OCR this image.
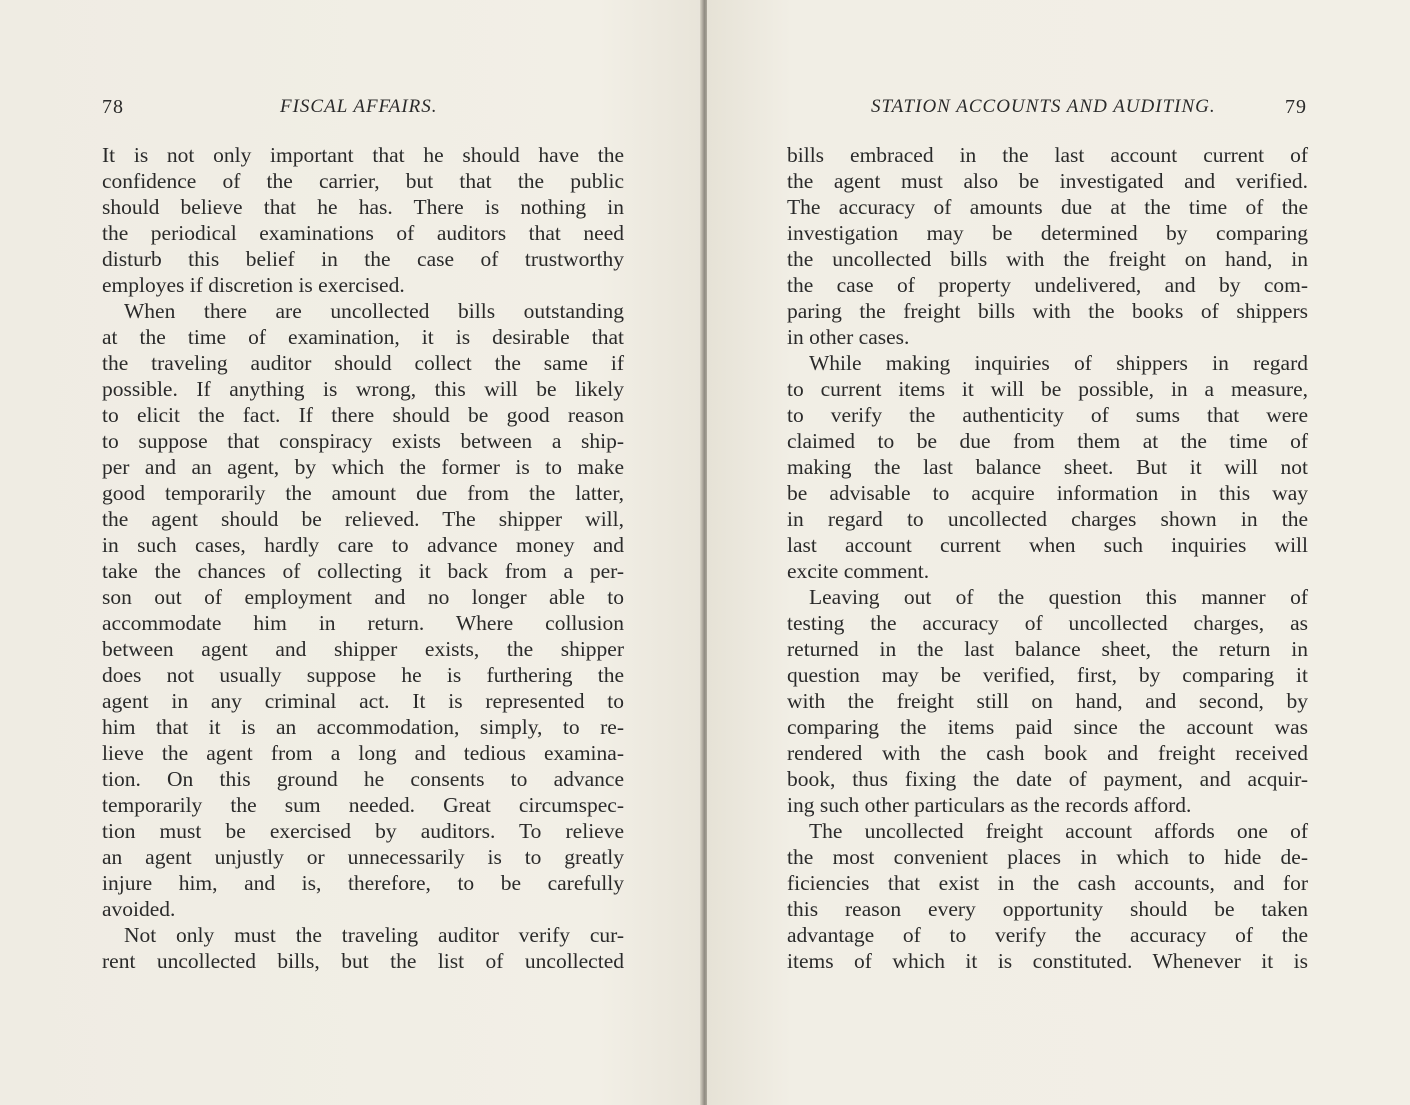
78	FISCAL AFFAIRS.
It is not only important that he should have the
confidence of the carrier, but that the public
should believe that he has. There is nothing in
the periodical examinations of auditors that need
disturb this belief in the case of trustworthy
employes if discretion is exercised.
When there are uncollected bills outstanding
at the time of examination, it is desirable that
the traveling auditor should collect the same if
possible. If anything is wrong, this will be likely
to elicit the fact. If there should be good reason
to suppose that conspiracy exists between a ship-
per and an agent, by which the former is to make
good temporarily the amount due from the latter,
the agent should be relieved. The shipper will,
in such cases, hardly care to advance money and
take the chances of collecting it back from a per-
son out of employment and no longer able to
accommodate him in return. Where collusion
between agent and shipper exists, the shipper
does not usually suppose he is furthering the
agent in any criminal act. It is represented to
him that it is an accommodation, simply, to re-
lieve the agent from a long and tedious examina-
tion. On this ground he consents to advance
temporarily the sum needed. Great circumspec-
tion must be exercised by auditors. To relieve
an agent unjustly or unnecessarily is to greatly
injure him, and is, therefore, to be carefully
avoided.
Not only must the traveling auditor verify cur-
rent uncollected bills, but the list of uncollected
STATION ACCOUNTS AND AUDITING.	79
bills embraced in the last account current of
the agent must also be investigated and verified.
The accuracy of amounts due at the time of the
investigation may be determined by comparing
the uncollected bills with the freight on hand, in
the case of property undelivered, and by com-
paring the freight bills with the books of shippers
in other cases.
While making inquiries of shippers in regard
to current items it will be possible, in a measure,
to verify the authenticity of sums that were
claimed to be due from them at the time of
making the last balance sheet. But it will not
be advisable to acquire information in this way
in regard to uncollected charges shown in the
last account current when such inquiries will
excite comment.
Leaving out of the question this manner of
testing the accuracy of uncollected charges, as
returned in the last balance sheet, the return in
question may be verified, first, by comparing it
with the freight still on hand, and second, by
comparing the items paid since the account was
rendered with the cash book and freight received
book, thus fixing the date of payment, and acquir-
ing such other particulars as the records afford.
The uncollected freight account affords one of
the most convenient places in which to hide de-
ficiencies that exist in the cash accounts, and for
this reason every opportunity should be taken
advantage of to verify the accuracy of the
items of which it is constituted. Whenever it is
